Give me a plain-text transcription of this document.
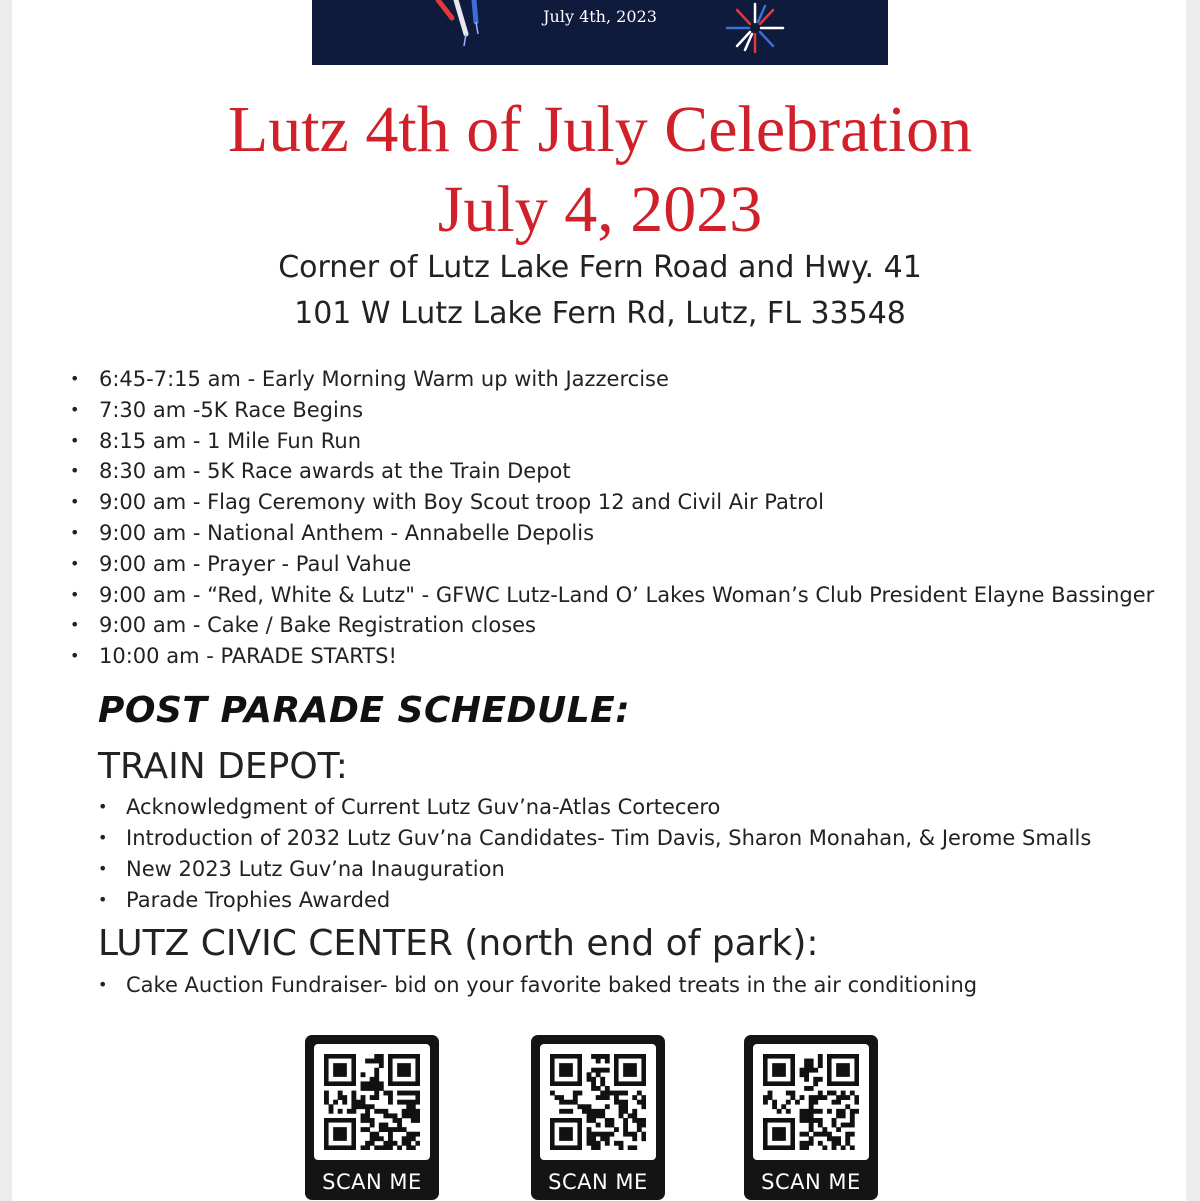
July 4th, 2023
Lutz 4th of July Celebration
July 4, 2023
Corner of Lutz Lake Fern Road and Hwy. 41
101 W Lutz Lake Fern Rd, Lutz, FL 33548
• 6:45-7:15 am - Early Morning Warm up with Jazzercise
• 7:30 am -5K Race Begins
• 8:15 am - 1 Mile Fun Run
• 8:30 am - 5K Race awards at the Train Depot
• 9:00 am - Flag Ceremony with Boy Scout troop 12 and Civil Air Patrol
• 9:00 am - National Anthem - Annabelle Depolis
• 9:00 am - Prayer - Paul Vahue
• 9:00 am - “Red, White & Lutz" - GFWC Lutz-Land O’ Lakes Woman’s Club President Elayne Bassinger
• 9:00 am - Cake / Bake Registration closes
• 10:00 am - PARADE STARTS!
POST PARADE SCHEDULE:
TRAIN DEPOT:
• Acknowledgment of Current Lutz Guv’na-Atlas Cortecero
• Introduction of 2032 Lutz Guv’na Candidates- Tim Davis, Sharon Monahan, & Jerome Smalls
• New 2023 Lutz Guv’na Inauguration
• Parade Trophies Awarded
LUTZ CIVIC CENTER (north end of park):
• Cake Auction Fundraiser- bid on your favorite baked treats in the air conditioning
SCAN ME	SCAN ME	SCAN ME
